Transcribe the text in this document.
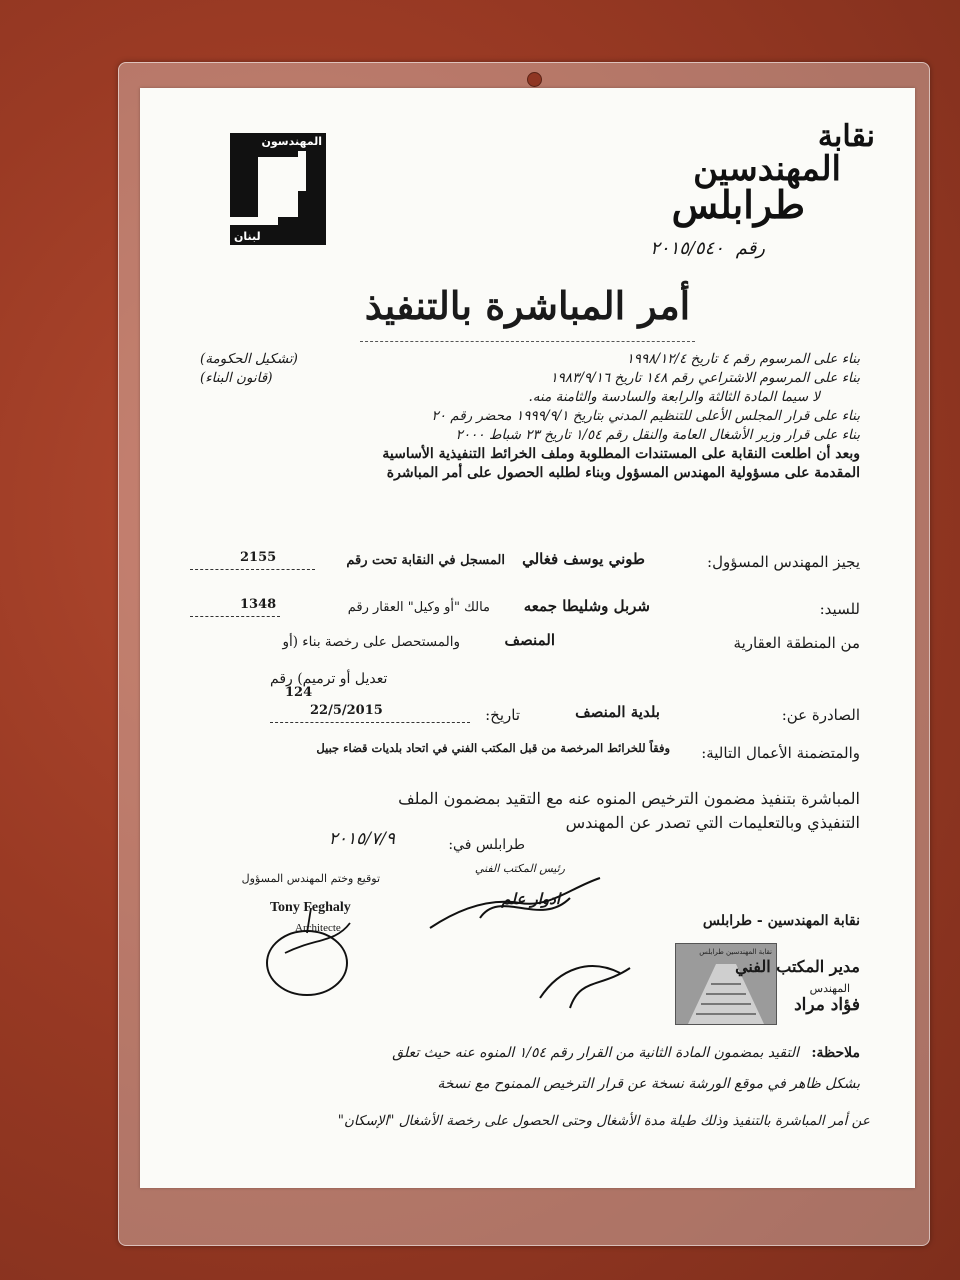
نقابة
المهندسين
طرابلس
رقم ٢٠١٥/٥٤٠
المهندسون
لبنان
أمر المباشرة بالتنفيذ
بناء على المرسوم رقم ٤ تاريخ ١٩٩٨/١٢/٤
(تشكيل الحكومة)
بناء على المرسوم الاشتراعي رقم ١٤٨ تاريخ ١٩٨٣/٩/١٦
(قانون البناء)
لا سيما المادة الثالثة والرابعة والسادسة والثامنة منه.
بناء على قرار المجلس الأعلى للتنظيم المدني بتاريخ ١٩٩٩/٩/١ محضر رقم ٢٠
بناء على قرار وزير الأشغال العامة والنقل رقم ١/٥٤ تاريخ ٢٣ شباط ٢٠٠٠
وبعد أن اطلعت النقابة على المستندات المطلوبة وملف الخرائط التنفيذية الأساسية
المقدمة على مسؤولية المهندس المسؤول وبناء لطلبه الحصول على أمر المباشرة
يجيز المهندس المسؤول:
طوني يوسف فغالي
المسجل في النقابة تحت رقم
2155
للسيد:
شربل وشليطا جمعه
مالك "أو وكيل" العقار رقم
1348
من المنطقة العقارية
المنصف
والمستحصل على رخصة بناء (أو
تعديل أو ترميم) رقم
124
الصادرة عن:
بلدية المنصف
تاريخ:
22/5/2015
والمتضمنة الأعمال التالية:
وفقاً للخرائط المرخصة من قبل المكتب الفني في اتحاد بلديات قضاء جبيل
المباشرة بتنفيذ مضمون الترخيص المنوه عنه مع التقيد بمضمون الملف
التنفيذي وبالتعليمات التي تصدر عن المهندس
طرابلس في:
٢٠١٥/٧/٩
رئيس المكتب الفني
توقيع وختم المهندس المسؤول
ادوار علم
Tony Feghaly
Architecte	نقابة المهندسين - طرابلس
نقابة المهندسين طرابلس
مدير المكتب الفني
المهندس
فؤاد مراد
ملاحظة: التقيد بمضمون المادة الثانية من القرار رقم ١/٥٤ المنوه عنه حيث تعلق
بشكل ظاهر في موقع الورشة نسخة عن قرار الترخيص الممنوح مع نسخة
عن أمر المباشرة بالتنفيذ وذلك طيلة مدة الأشغال وحتى الحصول على رخصة الأشغال "الإسكان"
